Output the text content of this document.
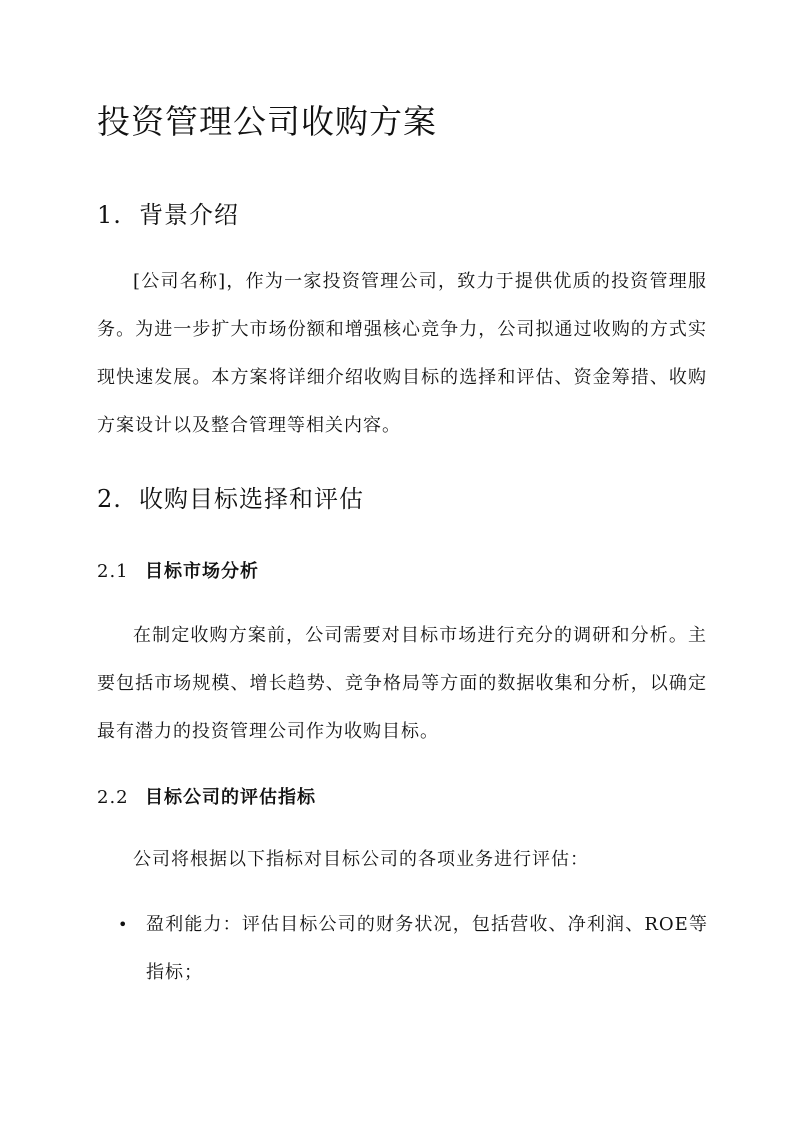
投资管理公司收购方案
1. 背景介绍

[公司名称]，作为一家投资管理公司，致力于提供优质的投资管理服务。为进一步扩大市场份额和增强核心竞争力，公司拟通过收购的方式实现快速发展。本方案将详细介绍收购目标的选择和评估、资金筹措、收购方案设计以及整合管理等相关内容。

2. 收购目标选择和评估
2.1 目标市场分析

在制定收购方案前，公司需要对目标市场进行充分的调研和分析。主要包括市场规模、增长趋势、竞争格局等方面的数据收集和分析，以确定最有潜力的投资管理公司作为收购目标。

2.2 目标公司的评估指标

公司将根据以下指标对目标公司的各项业务进行评估：

• 盈利能力：评估目标公司的财务状况，包括营收、净利润、ROE等指标；
